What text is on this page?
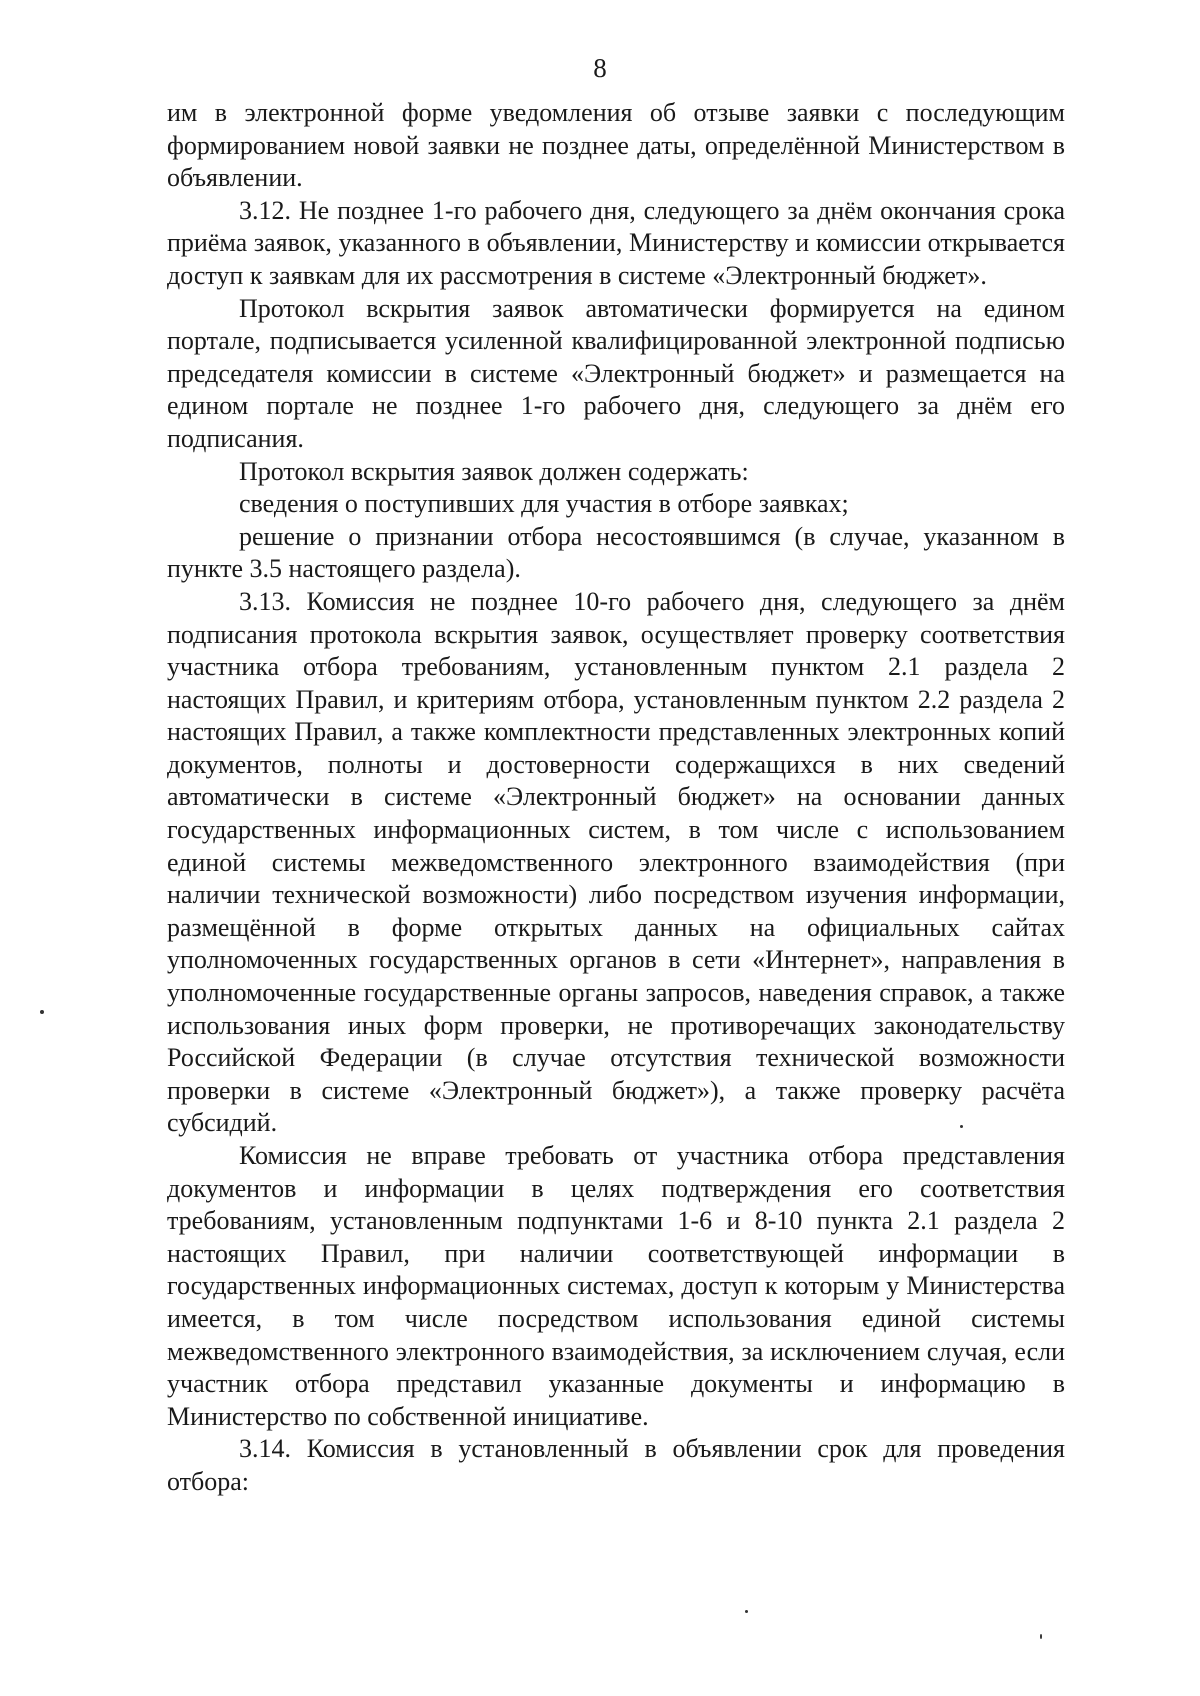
8

им в электронной форме уведомления об отзыве заявки с последующим формированием новой заявки не позднее даты, определённой Министерством в объявлении.

3.12. Не позднее 1-го рабочего дня, следующего за днём окончания срока приёма заявок, указанного в объявлении, Министерству и комиссии открывается доступ к заявкам для их рассмотрения в системе «Электронный бюджет».

Протокол вскрытия заявок автоматически формируется на едином портале, подписывается усиленной квалифицированной электронной подписью председателя комиссии в системе «Электронный бюджет» и размещается на едином портале не позднее 1-го рабочего дня, следующего за днём его подписания.

Протокол вскрытия заявок должен содержать:

сведения о поступивших для участия в отборе заявках;

решение о признании отбора несостоявшимся (в случае, указанном в пункте 3.5 настоящего раздела).

3.13. Комиссия не позднее 10-го рабочего дня, следующего за днём подписания протокола вскрытия заявок, осуществляет проверку соответствия участника отбора требованиям, установленным пунктом 2.1 раздела 2 настоящих Правил, и критериям отбора, установленным пунктом 2.2 раздела 2 настоящих Правил, а также комплектности представленных электронных копий документов, полноты и достоверности содержащихся в них сведений автоматически в системе «Электронный бюджет» на основании данных государственных информационных систем, в том числе с использованием единой системы межведомственного электронного взаимодействия (при наличии технической возможности) либо посредством изучения информации, размещённой в форме открытых данных на официальных сайтах уполномоченных государственных органов в сети «Интернет», направления в уполномоченные государственные органы запросов, наведения справок, а также использования иных форм проверки, не противоречащих законодательству Российской Федерации (в случае отсутствия технической возможности проверки в системе «Электронный бюджет»), а также проверку расчёта субсидий.

Комиссия не вправе требовать от участника отбора представления документов и информации в целях подтверждения его соответствия требованиям, установленным подпунктами 1-6 и 8-10 пункта 2.1 раздела 2 настоящих Правил, при наличии соответствующей информации в государственных информационных системах, доступ к которым у Министерства имеется, в том числе посредством использования единой системы межведомственного электронного взаимодействия, за исключением случая, если участник отбора представил указанные документы и информацию в Министерство по собственной инициативе.

3.14. Комиссия в установленный в объявлении срок для проведения отбора:
